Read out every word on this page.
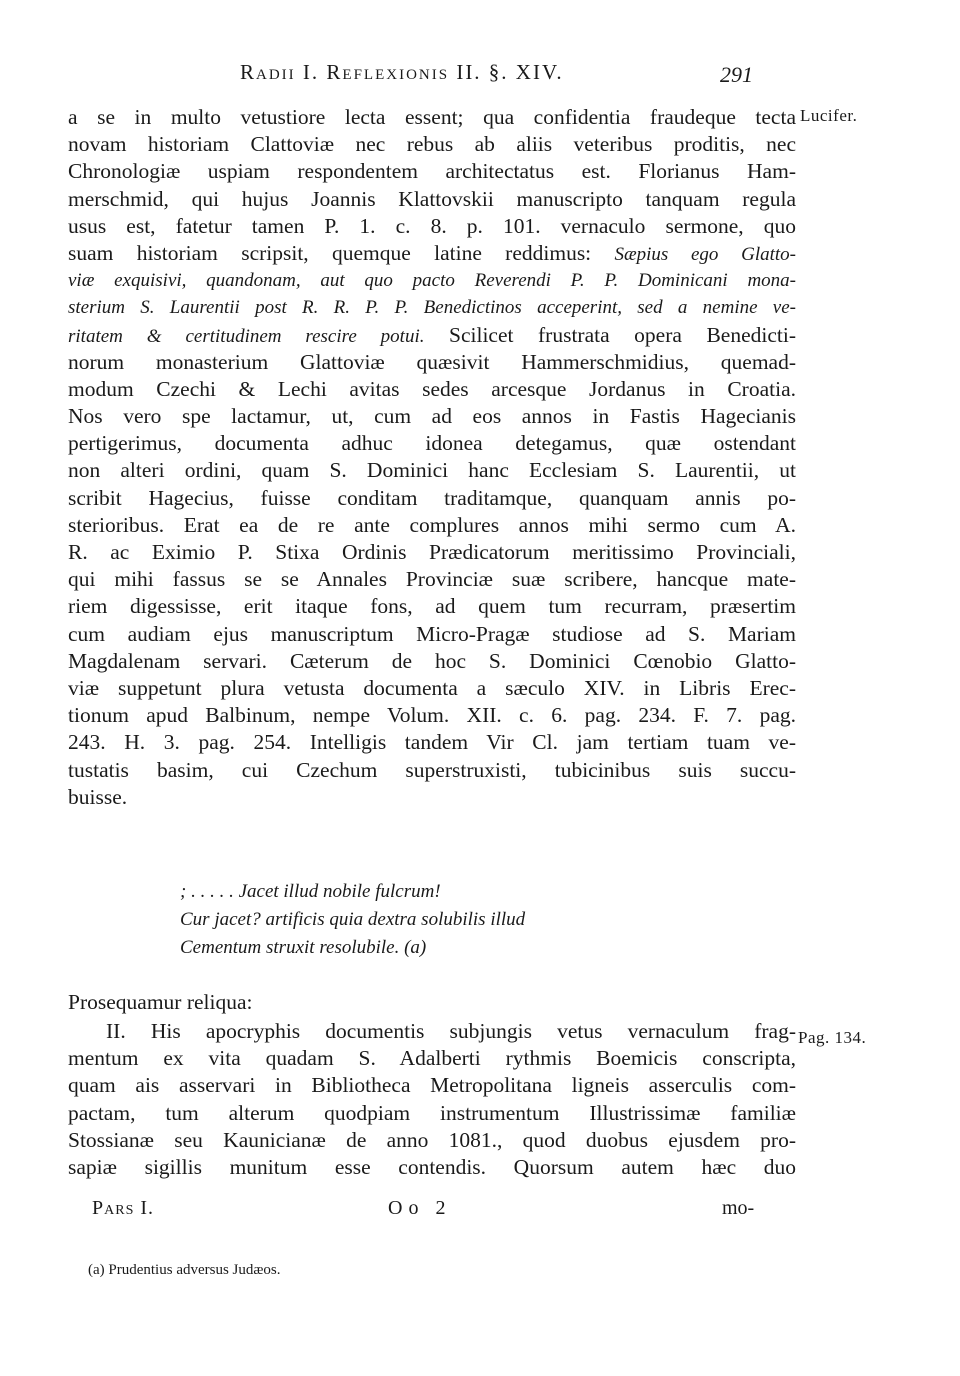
Radii I. Reflexionis II. §. XIV.	291
Lucifer.
a se in multo vetustiore lecta essent; qua confidentia fraudeque tecta
novam historiam Clattoviæ nec rebus ab aliis veteribus proditis, nec
Chronologiæ uspiam respondentem architectatus est. Florianus Ham-
merschmid, qui hujus Joannis Klattovskii manuscripto tanquam regula
usus est, fatetur tamen P. 1. c. 8. p. 101. vernaculo sermone, quo
suam historiam scripsit, quemque latine reddimus: Sæpius ego Glatto-
viæ exquisivi, quandonam, aut quo pacto Reverendi P. P. Dominicani mona-
sterium S. Laurentii post R. R. P. P. Benedictinos acceperint, sed a nemine ve-
ritatem & certitudinem rescire potui. Scilicet frustrata opera Benedicti-
norum monasterium Glattoviæ quæsivit Hammerschmidius, quemad-
modum Czechi & Lechi avitas sedes arcesque Jordanus in Croatia.
Nos vero spe lactamur, ut, cum ad eos annos in Fastis Hagecianis
pertigerimus, documenta adhuc idonea detegamus, quæ ostendant
non alteri ordini, quam S. Dominici hanc Ecclesiam S. Laurentii, ut
scribit Hagecius, fuisse conditam traditamque, quanquam annis po-
sterioribus. Erat ea de re ante complures annos mihi sermo cum A.
R. ac Eximio P. Stixa Ordinis Prædicatorum meritissimo Provinciali,
qui mihi fassus se se Annales Provinciæ suæ scribere, hancque mate-
riem digessisse, erit itaque fons, ad quem tum recurram, præsertim
cum audiam ejus manuscriptum Micro-Pragæ studiose ad S. Mariam
Magdalenam servari. Cæterum de hoc S. Dominici Cœnobio Glatto-
viæ suppetunt plura vetusta documenta a sæculo XIV. in Libris Erec-
tionum apud Balbinum, nempe Volum. XII. c. 6. pag. 234. F. 7. pag.
243. H. 3. pag. 254. Intelligis tandem Vir Cl. jam tertiam tuam ve-
tustatis basim, cui Czechum superstruxisti, tubicinibus suis succu-
buisse.
; . . . . . Jacet illud nobile fulcrum!
Cur jacet? artificis quia dextra solubilis illud
Cementum struxit resolubile. (a)
Prosequamur reliqua:
Pag. 134.
II. His apocryphis documentis subjungis vetus vernaculum frag-
mentum ex vita quadam S. Adalberti rythmis Boemicis conscripta,
quam ais asservari in Bibliotheca Metropolitana ligneis asserculis com-
pactam, tum alterum quodpiam instrumentum Illustrissimæ familiæ
Stossianæ seu Kaunicianæ de anno 1081., quod duobus ejusdem pro-
sapiæ sigillis munitum esse contendis. Quorsum autem hæc duo
Pars I.	Oo 2	mo-
(a) Prudentius adversus Judæos.
